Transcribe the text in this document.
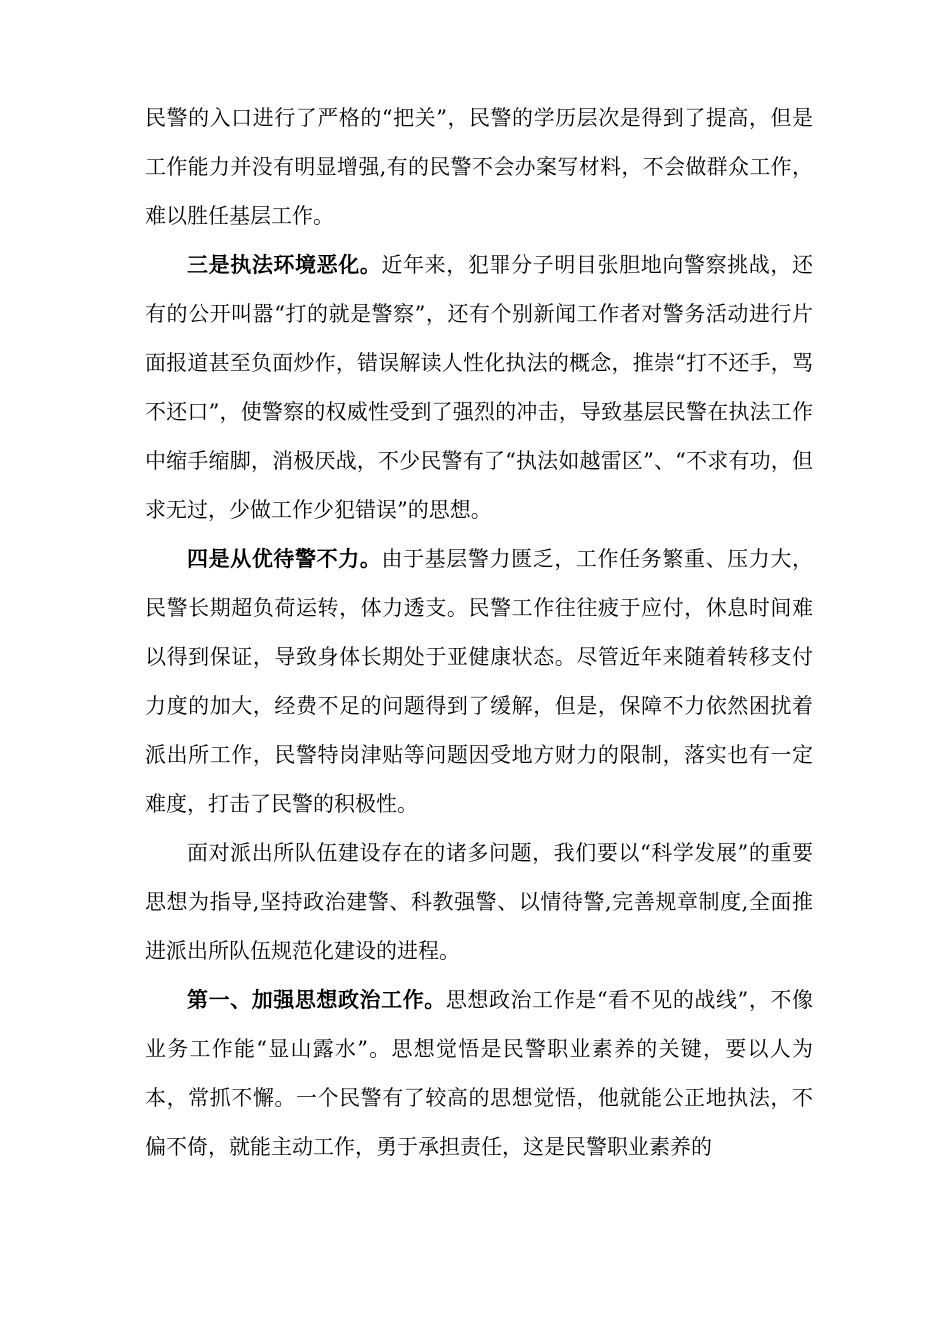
民警的入口进行了严格的“把关”，民警的学历层次是得到了提高，但是工作能力并没有明显增强,有的民警不会办案写材料，不会做群众工作，难以胜任基层工作。

三是执法环境恶化。近年来，犯罪分子明目张胆地向警察挑战，还有的公开叫嚣“打的就是警察”，还有个别新闻工作者对警务活动进行片面报道甚至负面炒作，错误解读人性化执法的概念，推崇“打不还手，骂不还口”，使警察的权威性受到了强烈的冲击，导致基层民警在执法工作中缩手缩脚，消极厌战，不少民警有了“执法如越雷区”、“不求有功，但求无过，少做工作少犯错误”的思想。

四是从优待警不力。由于基层警力匮乏，工作任务繁重、压力大，民警长期超负荷运转，体力透支。民警工作往往疲于应付，休息时间难以得到保证，导致身体长期处于亚健康状态。尽管近年来随着转移支付力度的加大，经费不足的问题得到了缓解，但是，保障不力依然困扰着派出所工作，民警特岗津贴等问题因受地方财力的限制，落实也有一定难度，打击了民警的积极性。

面对派出所队伍建设存在的诸多问题，我们要以“科学发展”的重要思想为指导,坚持政治建警、科教强警、以情待警,完善规章制度,全面推进派出所队伍规范化建设的进程。

第一、加强思想政治工作。思想政治工作是“看不见的战线”，不像业务工作能“显山露水”。思想觉悟是民警职业素养的关键，要以人为本，常抓不懈。一个民警有了较高的思想觉悟，他就能公正地执法，不偏不倚，就能主动工作，勇于承担责任，这是民警职业素养的
